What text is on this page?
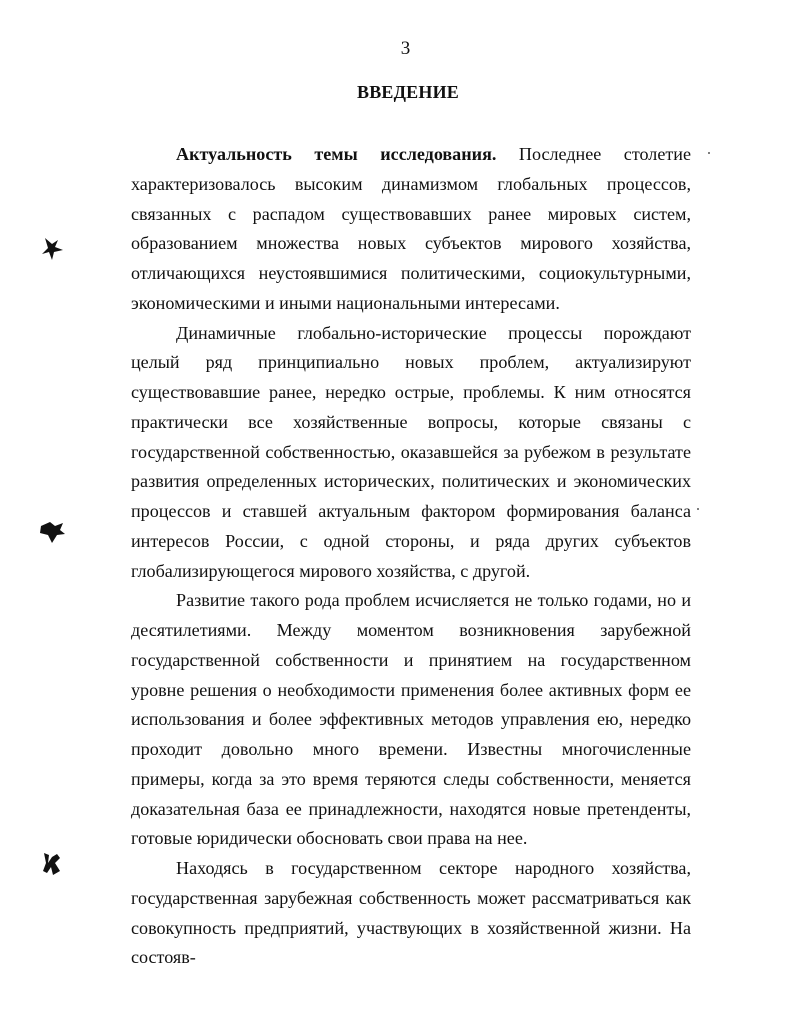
3
ВВЕДЕНИЕ

Актуальность темы исследования. Последнее столетие характеризовалось высоким динамизмом глобальных процессов, связанных с распадом существовавших ранее мировых систем, образованием множества новых субъектов мирового хозяйства, отличающихся неустоявшимися политическими, социокультурными, экономическими и иными национальными интересами.

Динамичные глобально-исторические процессы порождают целый ряд принципиально новых проблем, актуализируют существовавшие ранее, нередко острые, проблемы. К ним относятся практически все хозяйственные вопросы, которые связаны с государственной собственностью, оказавшейся за рубежом в результате развития определенных исторических, политических и экономических процессов и ставшей актуальным фактором формирования баланса интересов России, с одной стороны, и ряда других субъектов глобализирующегося мирового хозяйства, с другой.

Развитие такого рода проблем исчисляется не только годами, но и десятилетиями. Между моментом возникновения зарубежной государственной собственности и принятием на государственном уровне решения о необходимости применения более активных форм ее использования и более эффективных методов управления ею, нередко проходит довольно много времени. Известны многочисленные примеры, когда за это время теряются следы собственности, меняется доказательная база ее принадлежности, находятся новые претенденты, готовые юридически обосновать свои права на нее.

Находясь в государственном секторе народного хозяйства, государственная зарубежная собственность может рассматриваться как совокупность предприятий, участвующих в хозяйственной жизни. На состояв-
